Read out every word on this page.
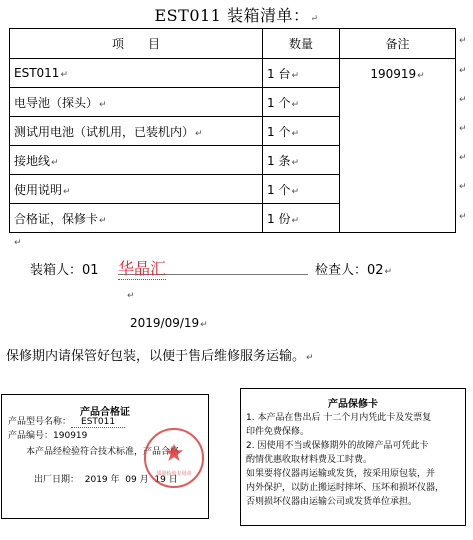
EST011 装箱清单：↵
项　　目	数量	备注
EST011↵	1 台↵	190919↵
电导池（探头）↵	1 个↵	
测试用电池（试机用，已装机内）↵	1 个↵	
接地线↵	1 条↵	
使用说明↵	1 个↵	
合格证，保修卡↵	1 份↵	
↵
↵
↵
↵
↵
↵
↵
↵
装箱人：01 华晶汇	检查人：02↵
↵
2019/09/19↵
保修期内请保管好包装，以便于售后维修服务运输。↵
产品合格证
产品型号名称： EST011
产品编号：190919
本产品经检验符合技术标准，产品合格
出厂日期： 2019 年 09 月 19 日
★
质量检验专用章
产品保修卡
1. 本产品在售出后 十二个月内凭此卡及发票复
印件免费保修。
2. 因使用不当或保修期外的故障产品可凭此卡
酌情优惠收取材料费及工时费。
如果要将仪器再运输或发货，按采用原包装，并
内外保护，以防止搬运时摔坏、压坏和损坏仪器，
否则损坏仪器由运输公司或发货单位承担。
